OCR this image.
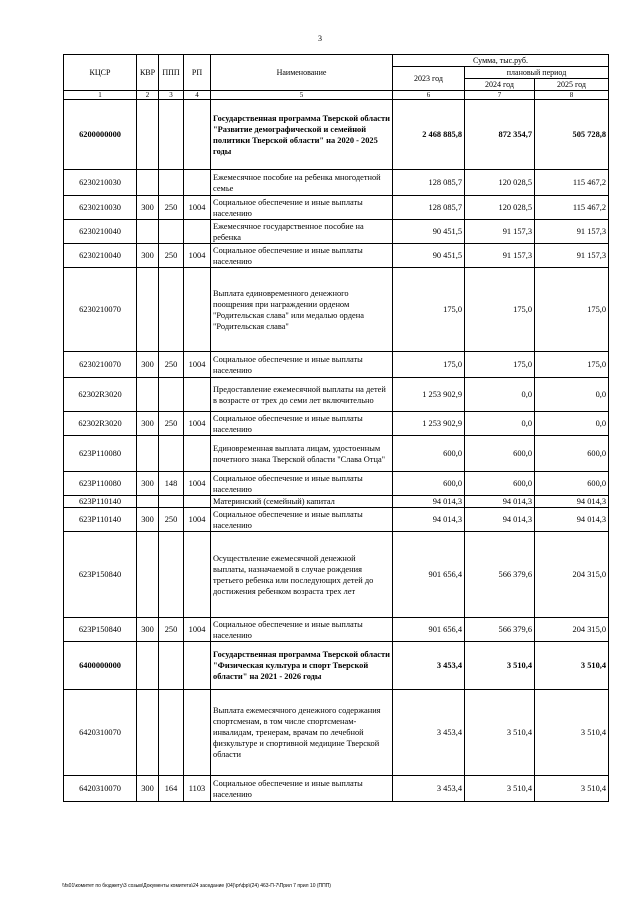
3
КЦСР	КВР	ППП	РП	Наименование	Сумма, тыс.руб.		
					2023 год	плановый период	
						2024 год	2025 год
1	2	3	4	5	6	7	8
6200000000				Государственная программа Тверской области "Развитие демографической и семейной политики Тверской области" на 2020 - 2025 годы	2 468 885,8	872 354,7	505 728,8
6230210030				Ежемесячное пособие на ребенка многодетной семье	128 085,7	120 028,5	115 467,2
6230210030	300	250	1004	Социальное обеспечение и иные выплаты населению	128 085,7	120 028,5	115 467,2
6230210040				Ежемесячное государственное пособие на ребенка	90 451,5	91 157,3	91 157,3
6230210040	300	250	1004	Социальное обеспечение и иные выплаты населению	90 451,5	91 157,3	91 157,3
6230210070				Выплата единовременного денежного поощрения при награждении орденом "Родительская слава" или медалью ордена "Родительская слава"	175,0	175,0	175,0
6230210070	300	250	1004	Социальное обеспечение и иные выплаты населению	175,0	175,0	175,0
62302R3020				Предоставление ежемесячной выплаты на детей в возрасте от трех до семи лет включительно	1 253 902,9	0,0	0,0
62302R3020	300	250	1004	Социальное обеспечение и иные выплаты населению	1 253 902,9	0,0	0,0
623P110080				Единовременная выплата лицам, удостоенным почетного знака Тверской области "Слава Отца"	600,0	600,0	600,0
623P110080	300	148	1004	Социальное обеспечение и иные выплаты населению	600,0	600,0	600,0
623P110140				Материнский (семейный) капитал	94 014,3	94 014,3	94 014,3
623P110140	300	250	1004	Социальное обеспечение и иные выплаты населению	94 014,3	94 014,3	94 014,3
623P150840				Осуществление ежемесячной денежной выплаты, назначаемой в случае рождения третьего ребенка или последующих детей до достижения ребенком возраста трех лет	901 656,4	566 379,6	204 315,0
623P150840	300	250	1004	Социальное обеспечение и иные выплаты населению	901 656,4	566 379,6	204 315,0
6400000000				Государственная программа Тверской области "Физическая культура и спорт Тверской области" на 2021 - 2026 годы	3 453,4	3 510,4	3 510,4
6420310070				Выплата ежемесячного денежного содержания спортсменам, в том числе спортсменам-инвалидам, тренерам, врачам по лечебной физкультуре и спортивной медицине Тверской области	3 453,4	3 510,4	3 510,4
6420310070	300	164	1103	Социальное обеспечение и иные выплаты населению	3 453,4	3 510,4	3 510,4
\\fs01\комитет по бюджету\3 созыв\Документы комитета\24 заседание (04)\pr\фр\(24) 463-П-7\Прил 7 прил 10 (ППП)
